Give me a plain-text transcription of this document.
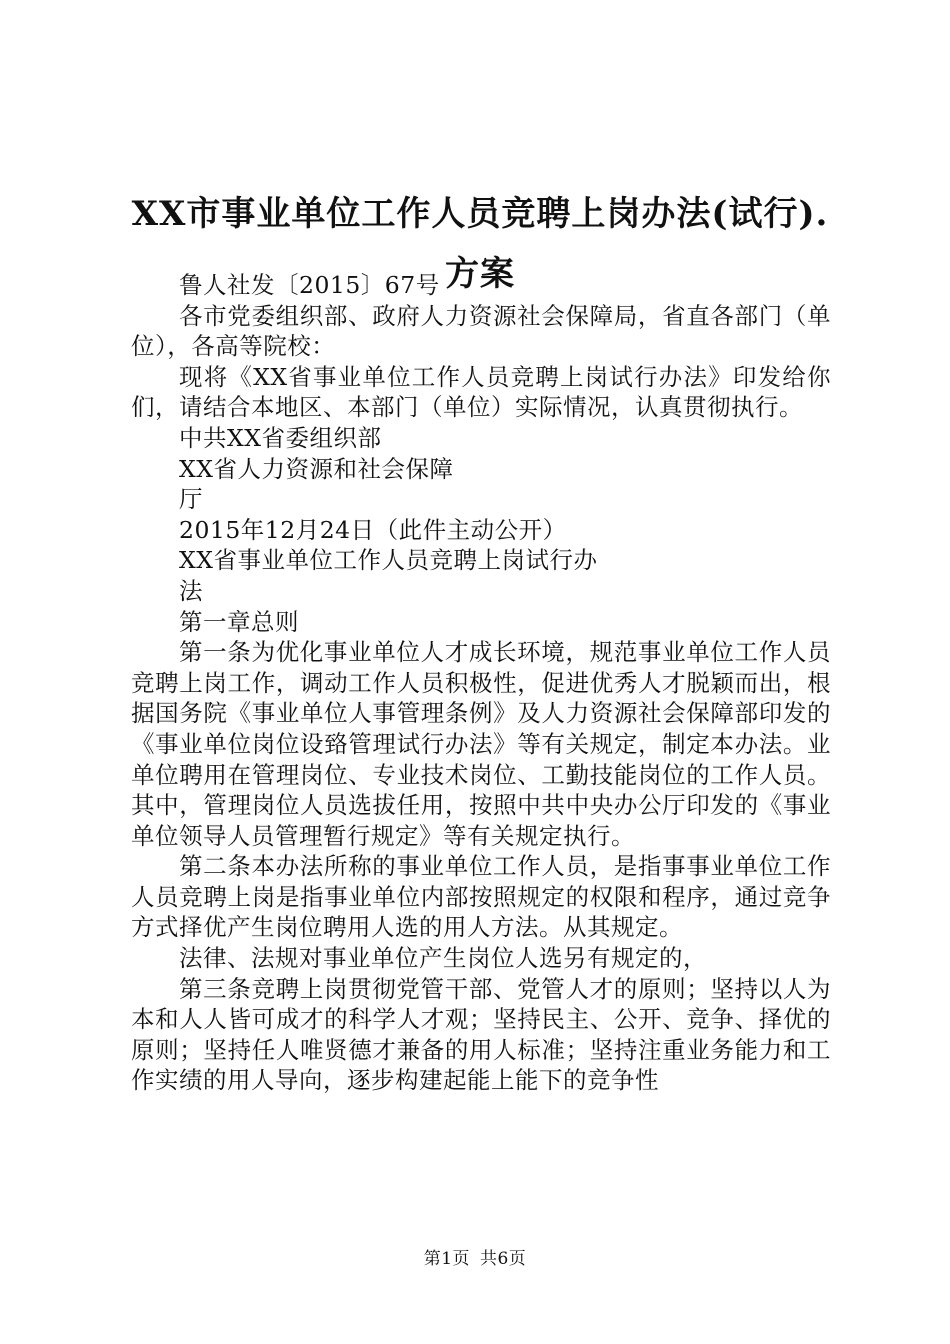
XX市事业单位工作人员竞聘上岗办法(试行).
方案

鲁人社发〔2015〕67号

各市党委组织部、政府人力资源社会保障局，省直各部门（单位），各高等院校：

现将《XX省事业单位工作人员竞聘上岗试行办法》印发给你们，请结合本地区、本部门（单位）实际情况，认真贯彻执行。

中共XX省委组织部

XX省人力资源和社会保障

厅

2015年12月24日（此件主动公开）

XX省事业单位工作人员竞聘上岗试行办

法

第一章总则

第一条为优化事业单位人才成长环境，规范事业单位工作人员竞聘上岗工作，调动工作人员积极性，促进优秀人才脱颖而出，根据国务院《事业单位人事管理条例》及人力资源社会保障部印发的《事业单位岗位设臵管理试行办法》等有关规定，制定本办法。业单位聘用在管理岗位、专业技术岗位、工勤技能岗位的工作人员。其中，管理岗位人员选拔任用，按照中共中央办公厅印发的《事业单位领导人员管理暂行规定》等有关规定执行。

第二条本办法所称的事业单位工作人员，是指事事业单位工作人员竞聘上岗是指事业单位内部按照规定的权限和程序，通过竞争方式择优产生岗位聘用人选的用人方法。从其规定。

法律、法规对事业单位产生岗位人选另有规定的，

第三条竞聘上岗贯彻党管干部、党管人才的原则；坚持以人为本和人人皆可成才的科学人才观；坚持民主、公开、竞争、择优的原则；坚持任人唯贤德才兼备的用人标准；坚持注重业务能力和工作实绩的用人导向，逐步构建起能上能下的竞争性

第1页 共6页
